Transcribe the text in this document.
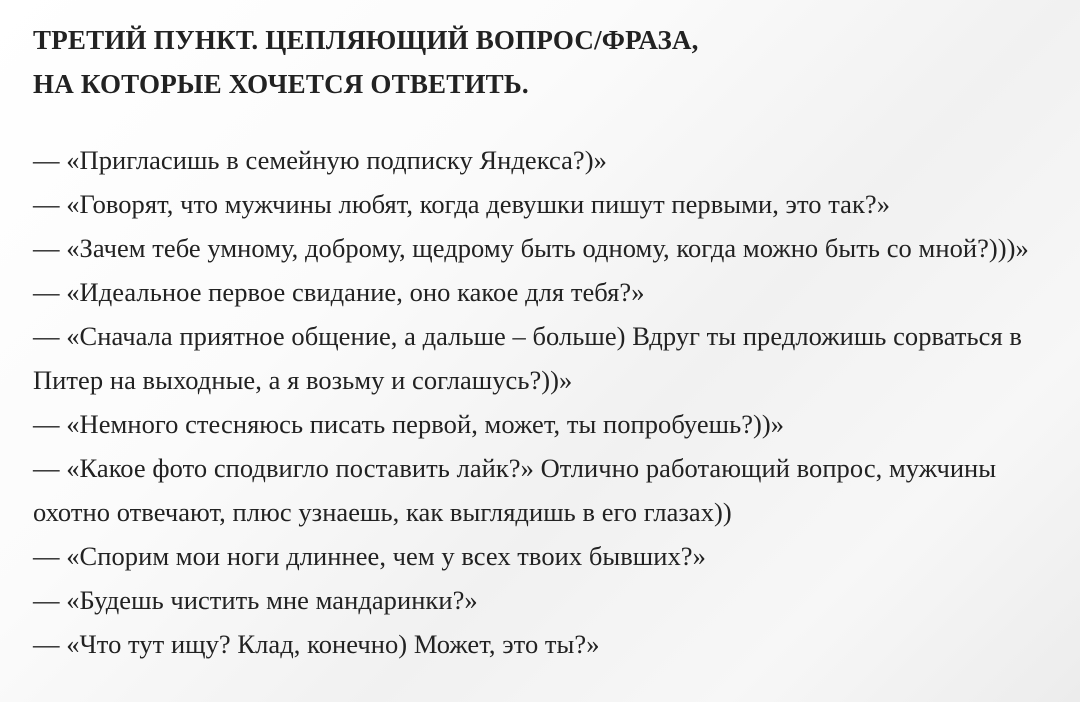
ТРЕТИЙ ПУНКТ. ЦЕПЛЯЮЩИЙ ВОПРОС/ФРАЗА,
НА КОТОРЫЕ ХОЧЕТСЯ ОТВЕТИТЬ.
— «Пригласишь в семейную подписку Яндекса?)»
— «Говорят, что мужчины любят, когда девушки пишут первыми, это так?»
— «Зачем тебе умному, доброму, щедрому быть одному, когда можно быть со мной?)))»
— «Идеальное первое свидание, оно какое для тебя?»
— «Сначала приятное общение, а дальше – больше) Вдруг ты предложишь сорваться в Питер на выходные, а я возьму и соглашусь?))»
— «Немного стесняюсь писать первой, может, ты попробуешь?))»
— «Какое фото сподвигло поставить лайк?» Отлично работающий вопрос, мужчины охотно отвечают, плюс узнаешь, как выглядишь в его глазах))
— «Спорим мои ноги длиннее, чем у всех твоих бывших?»
— «Будешь чистить мне мандаринки?»
— «Что тут ищу? Клад, конечно) Может, это ты?»
